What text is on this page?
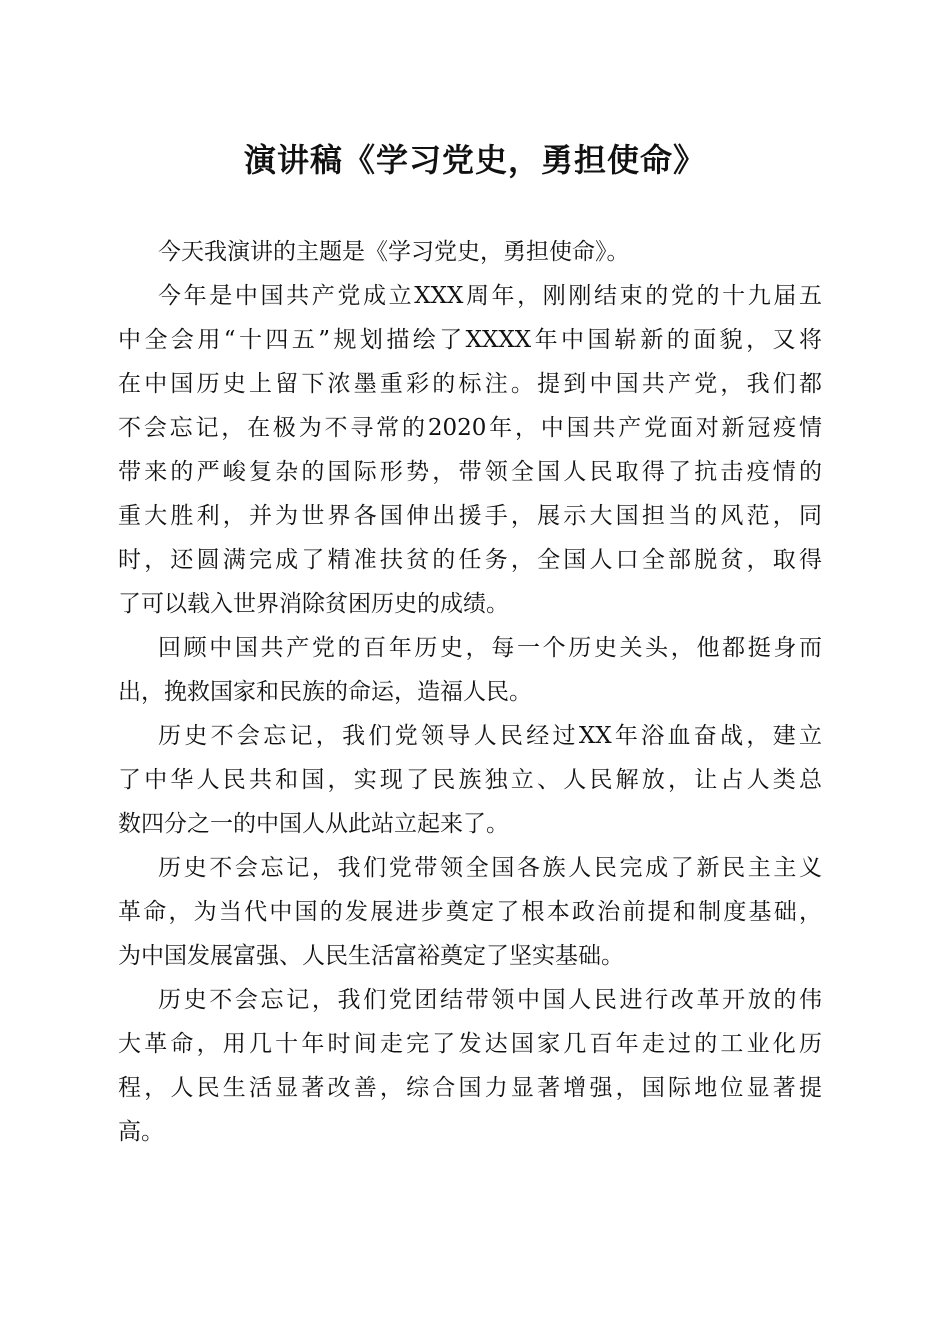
演讲稿《学习党史，勇担使命》
今天我演讲的主题是《学习党史，勇担使命》。
今年是中国共产党成立XXX周年，刚刚结束的党的十九届五
中全会用“十四五”规划描绘了XXXX年中国崭新的面貌，又将
在中国历史上留下浓墨重彩的标注。提到中国共产党，我们都
不会忘记，在极为不寻常的2020年，中国共产党面对新冠疫情
带来的严峻复杂的国际形势，带领全国人民取得了抗击疫情的
重大胜利，并为世界各国伸出援手，展示大国担当的风范，同
时，还圆满完成了精准扶贫的任务，全国人口全部脱贫，取得
了可以载入世界消除贫困历史的成绩。
回顾中国共产党的百年历史，每一个历史关头，他都挺身而
出，挽救国家和民族的命运，造福人民。
历史不会忘记，我们党领导人民经过XX年浴血奋战，建立
了中华人民共和国，实现了民族独立、人民解放，让占人类总
数四分之一的中国人从此站立起来了。
历史不会忘记，我们党带领全国各族人民完成了新民主主义
革命，为当代中国的发展进步奠定了根本政治前提和制度基础，
为中国发展富强、人民生活富裕奠定了坚实基础。
历史不会忘记，我们党团结带领中国人民进行改革开放的伟
大革命，用几十年时间走完了发达国家几百年走过的工业化历
程，人民生活显著改善，综合国力显著增强，国际地位显著提
高。
